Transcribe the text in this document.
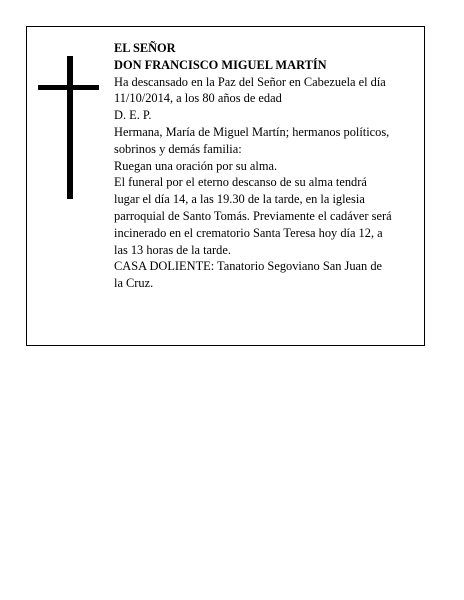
EL SEÑOR

DON FRANCISCO MIGUEL MARTÍN

Ha descansado en la Paz del Señor en Cabezuela el día

11/10/2014, a los 80 años de edad

D. E. P.

Hermana, María de Miguel Martín; hermanos políticos,

sobrinos y demás familia:

Ruegan una oración por su alma.

El funeral por el eterno descanso de su alma tendrá

lugar el día 14, a las 19.30 de la tarde, en la iglesia

parroquial de Santo Tomás. Previamente el cadáver será

incinerado en el crematorio Santa Teresa hoy día 12, a

las 13 horas de la tarde.

CASA DOLIENTE: Tanatorio Segoviano San Juan de

la Cruz.
